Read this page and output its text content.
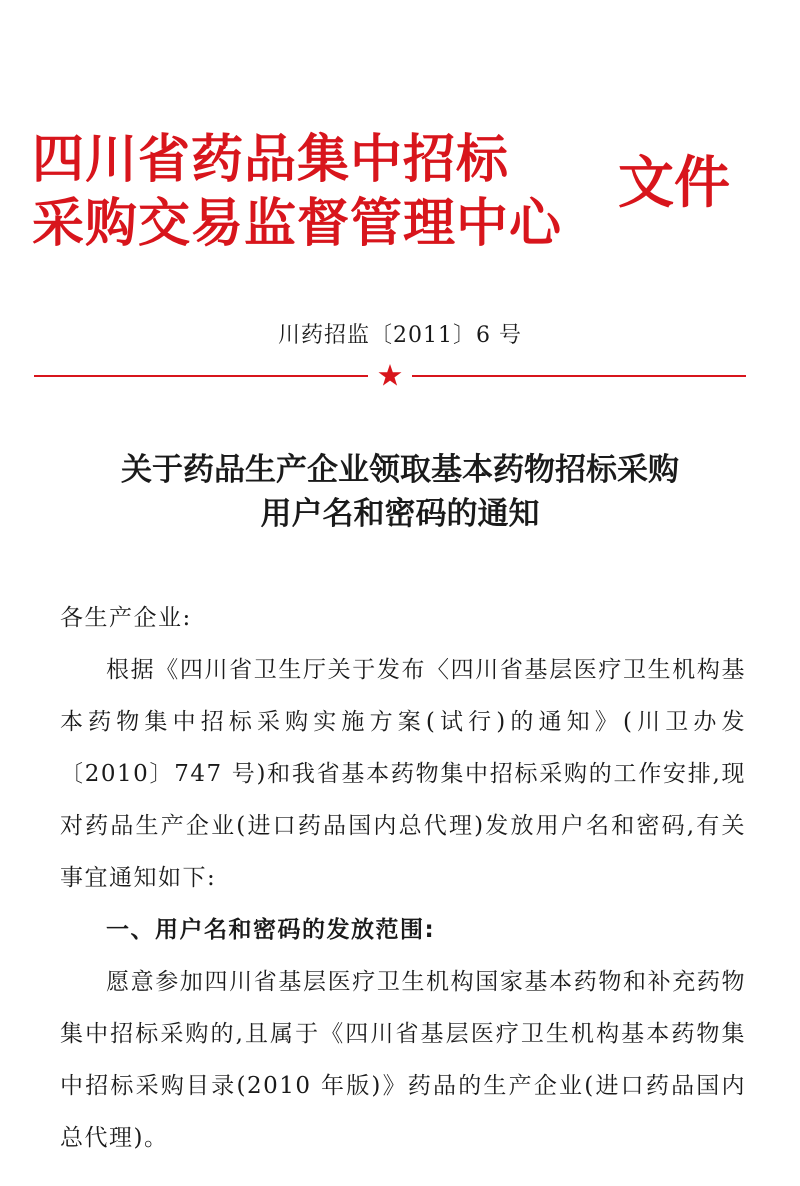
四川省药品集中招标
采购交易监督管理中心
文件
川药招监〔2011〕6 号
关于药品生产企业领取基本药物招标采购
用户名和密码的通知

各生产企业:

根据《四川省卫生厅关于发布〈四川省基层医疗卫生机构基本药物集中招标采购实施方案(试行)的通知》(川卫办发〔2010〕747 号)和我省基本药物集中招标采购的工作安排,现对药品生产企业(进口药品国内总代理)发放用户名和密码,有关事宜通知如下:

一、用户名和密码的发放范围:

愿意参加四川省基层医疗卫生机构国家基本药物和补充药物集中招标采购的,且属于《四川省基层医疗卫生机构基本药物集中招标采购目录(2010 年版)》药品的生产企业(进口药品国内总代理)。
